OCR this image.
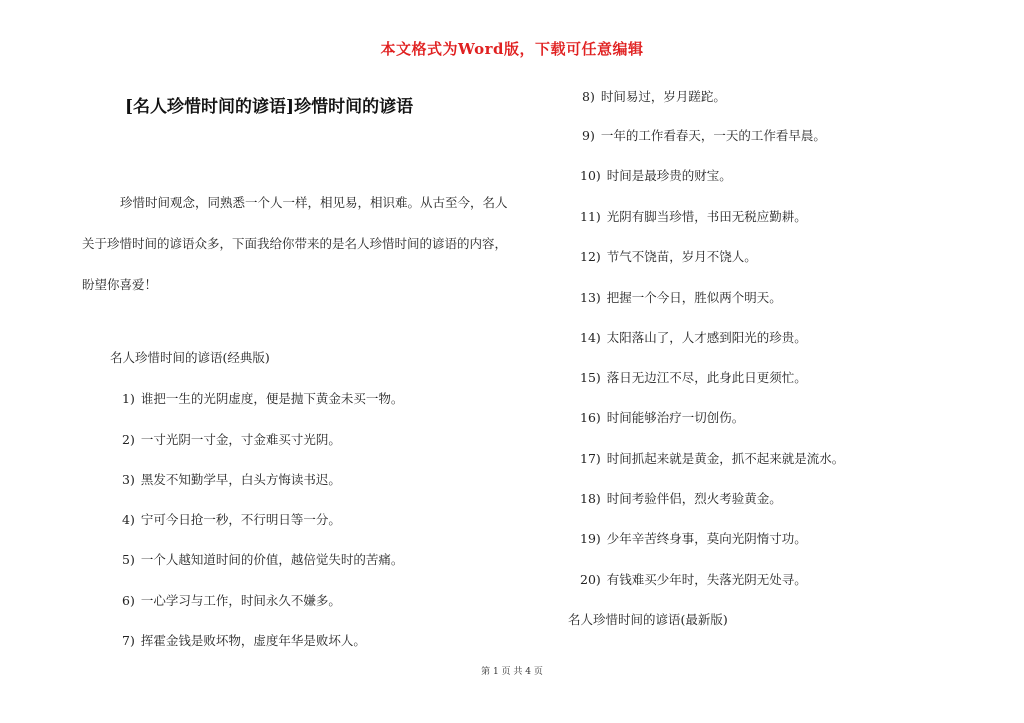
本文格式为Word版，下载可任意编辑
[名人珍惜时间的谚语]珍惜时间的谚语

珍惜时间观念，同熟悉一个人一样，相见易，相识难。从古至今，名人关于珍惜时间的谚语众多，下面我给你带来的是名人珍惜时间的谚语的内容，盼望你喜爱！

名人珍惜时间的谚语(经典版)
1) 谁把一生的光阴虚度，便是抛下黄金未买一物。
2) 一寸光阴一寸金，寸金难买寸光阴。
3) 黑发不知勤学早，白头方悔读书迟。
4) 宁可今日抢一秒，不行明日等一分。
5) 一个人越知道时间的价值，越倍觉失时的苦痛。
6) 一心学习与工作，时间永久不嫌多。
7) 挥霍金钱是败坏物，虚度年华是败坏人。
8) 时间易过，岁月蹉跎。
9) 一年的工作看春天，一天的工作看早晨。
10) 时间是最珍贵的财宝。
11) 光阴有脚当珍惜，书田无税应勤耕。
12) 节气不饶苗，岁月不饶人。
13) 把握一个今日，胜似两个明天。
14) 太阳落山了，人才感到阳光的珍贵。
15) 落日无边江不尽，此身此日更须忙。
16) 时间能够治疗一切创伤。
17) 时间抓起来就是黄金，抓不起来就是流水。
18) 时间考验伴侣，烈火考验黄金。
19) 少年辛苦终身事，莫向光阴惰寸功。
20) 有钱难买少年时，失落光阴无处寻。
名人珍惜时间的谚语(最新版)
第 1 页 共 4 页
